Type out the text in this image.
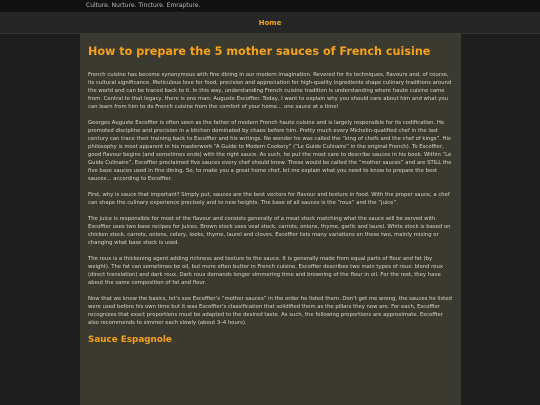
Culture. Nurture. Tincture. Emrapture.
Home
How to prepare the 5 mother sauces of French cuisine

French cuisine has become synonymous with fine dining in our modern imagination. Revered for its techniques, flavours and, of course, its cultural significance. Meticulous love for food, precision and appreciation for high-quality ingredients shape culinary traditions around the world and can be traced back to it. In this way, understanding French cuisine tradition is understanding where haute cuisine came from. Central to that legacy, there is one man: Auguste Escoffier. Today, I want to explain why you should care about him and what you can learn from him to do French cuisine from the comfort of your home… one sauce at a time!

Georges Auguste Escoffier is often seen as the father of modern French haute cuisine and is largely responsible for its codification. He promoted discipline and precision in a kitchen dominated by chaos before him. Pretty much every Michelin-qualified chef in the last century can trace their training back to Escoffier and his writings. No wonder he was called the “king of chefs and the chef of kings”. His philosophy is most apparent in his masterwork “A Guide to Modern Cookery” (“Le Guide Culinaire” in the original French). To Escoffier, good flavour begins (and sometimes ends) with the right sauce. As such, he put the most care to describe sauces in his book. Within “Le Guide Culinaire”, Escoffier proclaimed five sauces every chef should know. These would be called the “mother sauces” and are STILL the five base sauces used in fine dining. So, to make you a great home chef, let me explain what you need to know to prepare the best sauces… according to Escoffier.

First, why is sauce that important? Simply put, sauces are the best vectors for flavour and texture in food. With the proper sauce, a chef can shape the culinary experience precisely and to new heights. The base of all sauces is the “roux” and the “juice”.

The juice is responsible for most of the flavour and consists generally of a meat stock matching what the sauce will be served with. Escoffier uses two base recipes for juices. Brown stock uses veal stock, carrots, onions, thyme, garlic and laurel. White stock is based on chicken stock, carrots, onions, celery, leeks, thyme, laurel and cloves. Escoffier lists many variations on these two, mainly mixing or changing what base stock is used.

The roux is a thickening agent adding richness and texture to the sauce. It is generally made from equal parts of flour and fat (by weight). The fat can sometimes be oil, but more often butter in French cuisine. Escoffier describes two main types of roux: blond roux (direct translation) and dark roux. Dark roux demands longer simmering time and browning of the flour in oil. For the rest, they have about the same composition of fat and flour.

Now that we know the basics, let’s see Escoffier’s “mother sauces” in the order he listed them. Don’t get me wrong, the sauces he listed were used before his own time but it was Escoffier’s classification that solidified them as the pillars they now are. For each, Escoffier recognizes that exact proportions must be adapted to the desired taste. As such, the following proportions are approximate. Escoffier also recommends to simmer each slowly (about 3–4 hours).

Sauce Espagnole
